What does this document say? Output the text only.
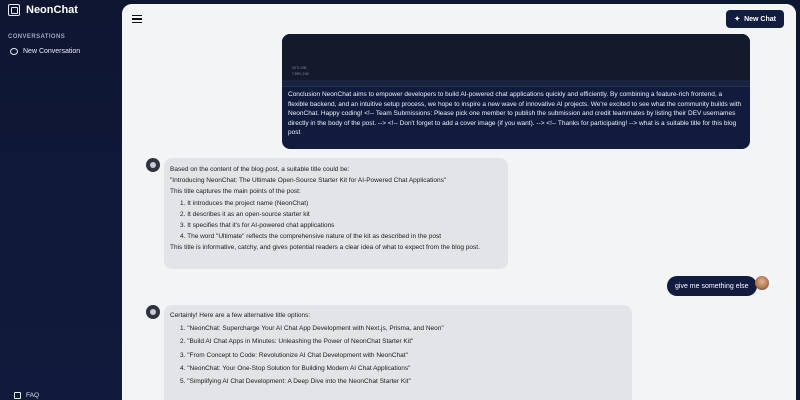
NeonChat
CONVERSATIONS
New Conversation
FAQ
✦ New Chat
OUTLINE
TIMELINE
Conclusion NeonChat aims to empower developers to build AI-powered chat applications quickly and efficiently. By combining a feature-rich frontend, a flexible backend, and an intuitive setup process, we hope to inspire a new wave of innovative AI projects. We're excited to see what the community builds with NeonChat. Happy coding! <!-- Team Submissions: Please pick one member to publish the submission and credit teammates by listing their DEV usernames directly in the body of the post. --> <!-- Don't forget to add a cover image (if you want). --> <!-- Thanks for participating! --> what is a suitable title for this blog post
Based on the content of the blog post, a suitable title could be:
"Introducing NeonChat: The Ultimate Open-Source Starter Kit for AI-Powered Chat Applications"
This title captures the main points of the post:
1. It introduces the project name (NeonChat)
2. It describes it as an open-source starter kit
3. It specifies that it's for AI-powered chat applications
4. The word "Ultimate" reflects the comprehensive nature of the kit as described in the post
This title is informative, catchy, and gives potential readers a clear idea of what to expect from the blog post.
give me something else
Certainly! Here are a few alternative title options:
1. "NeonChat: Supercharge Your AI Chat App Development with Next.js, Prisma, and Neon"
2. "Build AI Chat Apps in Minutes: Unleashing the Power of NeonChat Starter Kit"
3. "From Concept to Code: Revolutionize AI Chat Development with NeonChat"
4. "NeonChat: Your One-Stop Solution for Building Modern AI Chat Applications"
5. "Simplifying AI Chat Development: A Deep Dive into the NeonChat Starter Kit"
